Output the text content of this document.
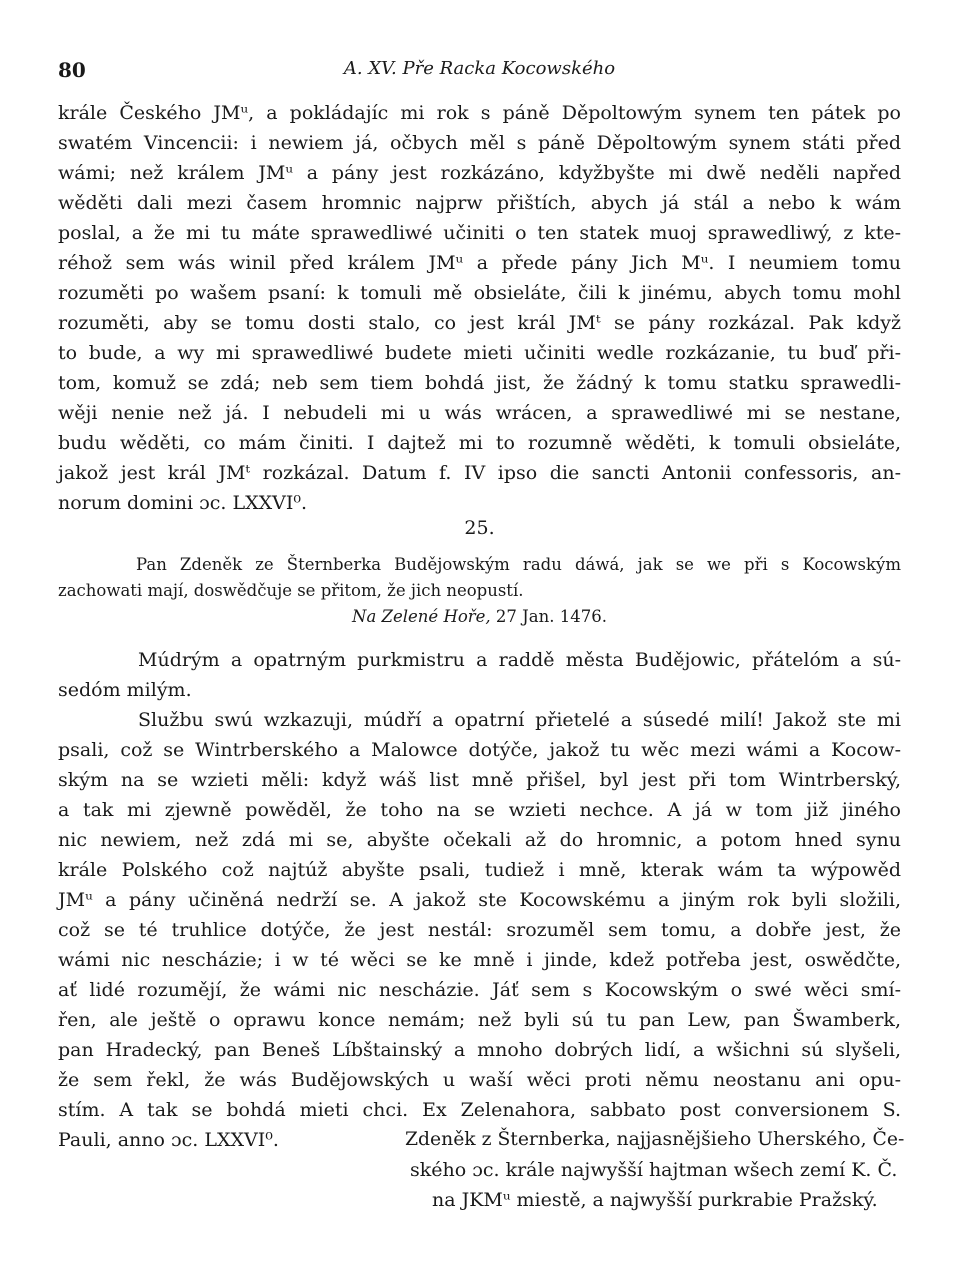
80	A. XV. Pře Racka Kocowského
krále Českého JMᵘ, a pokládajíc mi rok s páně Děpoltowým synem ten pátek po
swatém Vincencii: i newiem já, očbych měl s páně Děpoltowým synem státi před
wámi; než králem JMᵘ a pány jest rozkázáno, kdyžbyšte mi dwě neděli napřed
wěděti dali mezi časem hromnic najprw přištích, abych já stál a nebo k wám
poslal, a že mi tu máte sprawedliwé učiniti o ten statek muoj sprawedliwý, z kte-
réhož sem wás winil před králem JMᵘ a přede pány Jich Mᵘ. I neumiem tomu
rozuměti po wašem psaní: k tomuli mě obsieláte, čili k jinému, abych tomu mohl
rozuměti, aby se tomu dosti stalo, co jest král JMᵗ se pány rozkázal. Pak když
to bude, a wy mi sprawedliwé budete mieti učiniti wedle rozkázanie, tu buď při-
tom, komuž se zdá; neb sem tiem bohdá jist, že žádný k tomu statku sprawedli-
wěji nenie než já. I nebudeli mi u wás wrácen, a sprawedliwé mi se nestane,
budu wěděti, co mám činiti. I dajtež mi to rozumně wěděti, k tomuli obsieláte,
jakož jest král JMᵗ rozkázal. Datum f. IV ipso die sancti Antonii confessoris, an-
norum domini ɔc. LXXVI⁰.
25.
Pan Zdeněk ze Šternberka Budějowským radu dáwá, jak se we při s Kocowským
zachowati mají, doswědčuje se přitom, že jich neopustí.
Na Zelené Hoře, 27 Jan. 1476.
Múdrým a opatrným purkmistru a raddě města Budějowic, přátelóm a sú-
sedóm milým.
Službu swú wzkazuji, múdří a opatrní přietelé a súsedé milí! Jakož ste mi
psali, což se Wintrberského a Malowce dotýče, jakož tu wěc mezi wámi a Kocow-
ským na se wzieti měli: když wáš list mně přišel, byl jest při tom Wintrberský,
a tak mi zjewně powěděl, že toho na se wzieti nechce. A já w tom již jiného
nic newiem, než zdá mi se, abyšte očekali až do hromnic, a potom hned synu
krále Polského což najtúž abyšte psali, tudiež i mně, kterak wám ta wýpowěd
JMᵘ a pány učiněná nedrží se. A jakož ste Kocowskému a jiným rok byli složili,
což se té truhlice dotýče, že jest nestál: srozuměl sem tomu, a dobře jest, že
wámi nic nescházie; i w té wěci se ke mně i jinde, kdež potřeba jest, oswědčte,
ať lidé rozumějí, že wámi nic nescházie. Jáť sem s Kocowským o swé wěci smí-
řen, ale ještě o oprawu konce nemám; než byli sú tu pan Lew, pan Šwamberk,
pan Hradecký, pan Beneš Líbštainský a mnoho dobrých lidí, a wšichni sú slyšeli,
že sem řekl, že wás Budějowských u waší wěci proti němu neostanu ani opu-
stím. A tak se bohdá mieti chci. Ex Zelenahora, sabbato post conversionem S.
Pauli, anno ɔc. LXXVI⁰.	Zdeněk z Šternberka, najjasnějšieho Uherského, Če-
ského ɔc. krále najwyšší hajtman wšech zemí K. Č.
na JKMᵘ miestě, a najwyšší purkrabie Pražský.
